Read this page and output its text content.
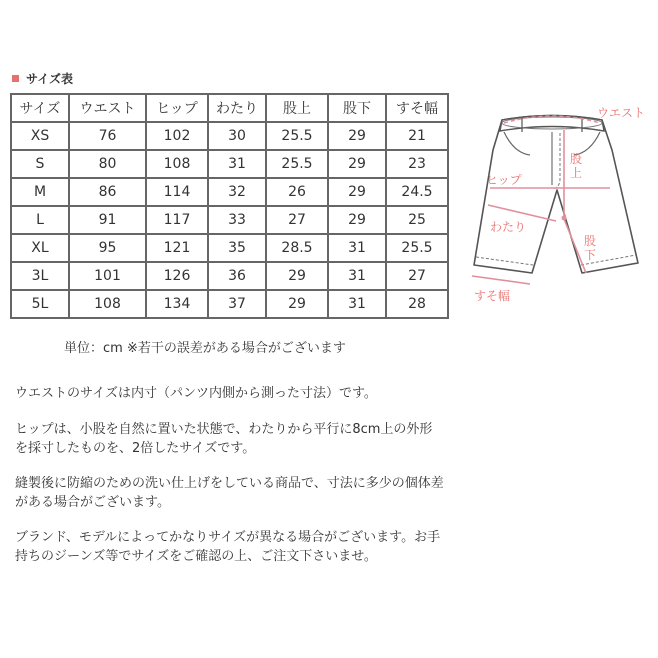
サイズ表
サイズ	ウエスト	ヒップ	わたり	股上	股下	すそ幅
XS	76	102	30	25.5	29	21
S	80	108	31	25.5	29	23
M	86	114	32	26	29	24.5
L	91	117	33	27	29	25
XL	95	121	35	28.5	31	25.5
3L	101	126	36	29	31	27
5L	108	134	37	29	31	28
単位：cm ※若干の誤差がある場合がございます
ウエスト
股
上
ヒップ
わたり
股
下
すそ幅

ウエストのサイズは内寸（パンツ内側から測った寸法）です。

ヒップは、小股を自然に置いた状態で、わたりから平行に8cm上の外形を採寸したものを、2倍したサイズです。

縫製後に防縮のための洗い仕上げをしている商品で、寸法に多少の個体差がある場合がございます。

ブランド、モデルによってかなりサイズが異なる場合がございます。お手持ちのジーンズ等でサイズをご確認の上、ご注文下さいませ。
